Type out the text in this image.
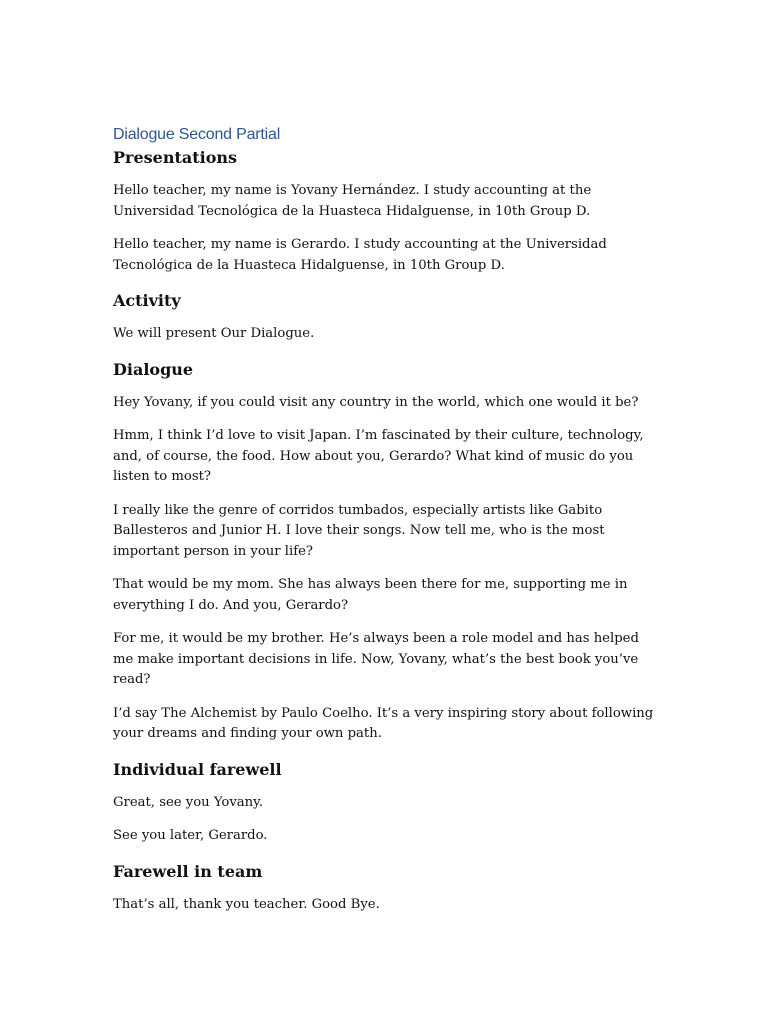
Dialogue Second Partial

Presentations

Hello teacher, my name is Yovany Hernández. I study accounting at the Universidad Tecnológica de la Huasteca Hidalguense, in 10th Group D.

Hello teacher, my name is Gerardo. I study accounting at the Universidad Tecnológica de la Huasteca Hidalguense, in 10th Group D.

Activity

We will present Our Dialogue.

Dialogue

Hey Yovany, if you could visit any country in the world, which one would it be?

Hmm, I think I’d love to visit Japan. I’m fascinated by their culture, technology, and, of course, the food. How about you, Gerardo? What kind of music do you listen to most?

I really like the genre of corridos tumbados, especially artists like Gabito Ballesteros and Junior H. I love their songs. Now tell me, who is the most important person in your life?

That would be my mom. She has always been there for me, supporting me in everything I do. And you, Gerardo?

For me, it would be my brother. He’s always been a role model and has helped me make important decisions in life. Now, Yovany, what’s the best book you’ve read?

I’d say The Alchemist by Paulo Coelho. It’s a very inspiring story about following your dreams and finding your own path.

Individual farewell

Great, see you Yovany.

See you later, Gerardo.

Farewell in team

That’s all, thank you teacher. Good Bye.
